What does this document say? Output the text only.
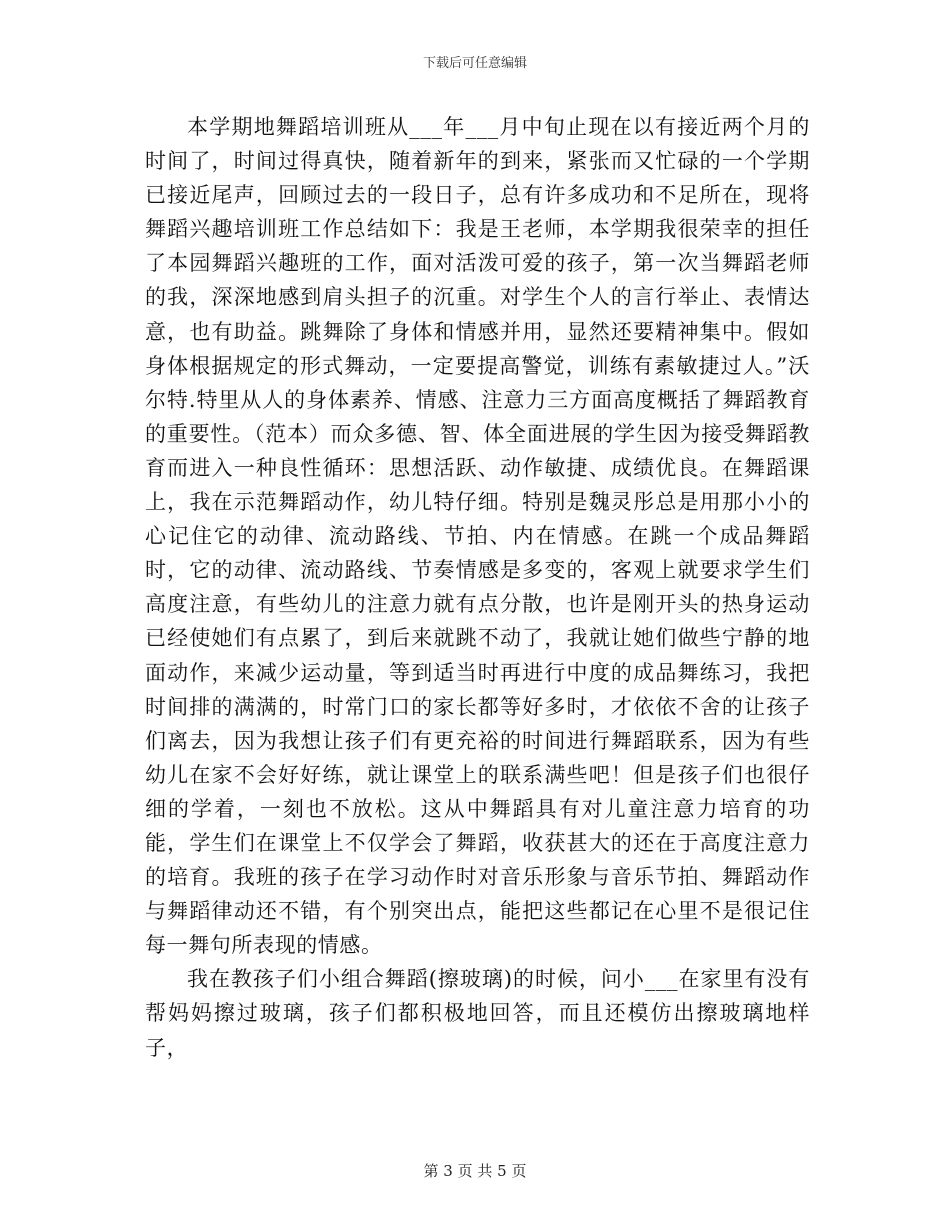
下载后可任意编辑

本学期地舞蹈培训班从___年___月中旬止现在以有接近两个月的时间了，时间过得真快，随着新年的到来，紧张而又忙碌的一个学期已接近尾声，回顾过去的一段日子，总有许多成功和不足所在，现将舞蹈兴趣培训班工作总结如下：我是王老师，本学期我很荣幸的担任了本园舞蹈兴趣班的工作，面对活泼可爱的孩子，第一次当舞蹈老师的我，深深地感到肩头担子的沉重。对学生个人的言行举止、表情达意，也有助益。跳舞除了身体和情感并用，显然还要精神集中。假如身体根据规定的形式舞动，一定要提高警觉，训练有素敏捷过人。”沃尔特.特里从人的身体素养、情感、注意力三方面高度概括了舞蹈教育的重要性。（范本）而众多德、智、体全面进展的学生因为接受舞蹈教育而进入一种良性循环：思想活跃、动作敏捷、成绩优良。在舞蹈课上，我在示范舞蹈动作，幼儿特仔细。特别是魏灵彤总是用那小小的心记住它的动律、流动路线、节拍、内在情感。在跳一个成品舞蹈时，它的动律、流动路线、节奏情感是多变的，客观上就要求学生们高度注意，有些幼儿的注意力就有点分散，也许是刚开头的热身运动已经使她们有点累了，到后来就跳不动了，我就让她们做些宁静的地面动作，来减少运动量，等到适当时再进行中度的成品舞练习，我把时间排的满满的，时常门口的家长都等好多时，才依依不舍的让孩子们离去，因为我想让孩子们有更充裕的时间进行舞蹈联系，因为有些幼儿在家不会好好练，就让课堂上的联系满些吧！但是孩子们也很仔细的学着，一刻也不放松。这从中舞蹈具有对儿童注意力培育的功能，学生们在课堂上不仅学会了舞蹈，收获甚大的还在于高度注意力的培育。我班的孩子在学习动作时对音乐形象与音乐节拍、舞蹈动作与舞蹈律动还不错，有个别突出点，能把这些都记在心里不是很记住每一舞句所表现的情感。

我在教孩子们小组合舞蹈(擦玻璃)的时候，问小___在家里有没有帮妈妈擦过玻璃，孩子们都积极地回答，而且还模仿出擦玻璃地样子，

第 3 页 共 5 页
